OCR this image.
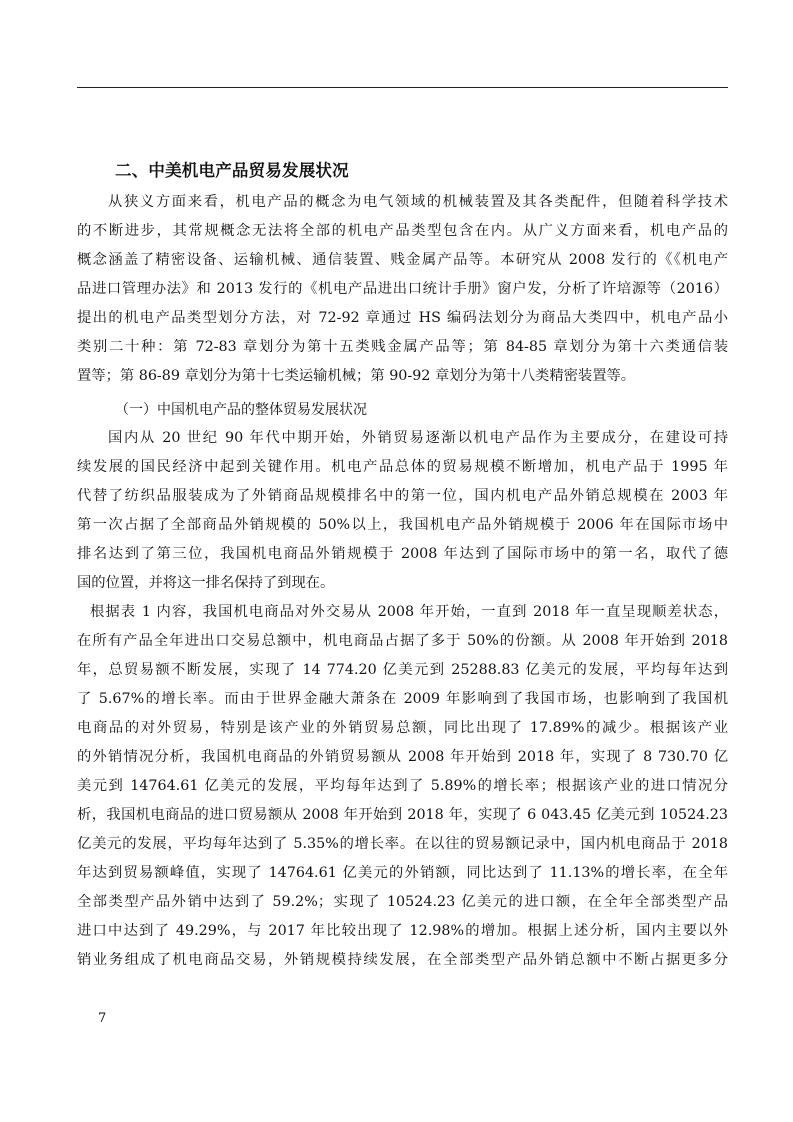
二、中美机电产品贸易发展状况
从狭义方面来看，机电产品的概念为电气领域的机械装置及其各类配件，但随着科学技术
的不断进步，其常规概念无法将全部的机电产品类型包含在内。从广义方面来看，机电产品的
概念涵盖了精密设备、运输机械、通信装置、贱金属产品等。本研究从 2008 发行的《《机电产
品进口管理办法》和 2013 发行的《机电产品进出口统计手册》窗户发，分析了许培源等（2016）
提出的机电产品类型划分方法，对 72-92 章通过 HS 编码法划分为商品大类四中，机电产品小
类别二十种：第 72-83 章划分为第十五类贱金属产品等；第 84-85 章划分为第十六类通信装
置等；第 86-89 章划分为第十七类运输机械；第 90-92 章划分为第十八类精密装置等。
（一）中国机电产品的整体贸易发展状况
国内从 20 世纪 90 年代中期开始，外销贸易逐渐以机电产品作为主要成分，在建设可持
续发展的国民经济中起到关键作用。机电产品总体的贸易规模不断增加，机电产品于 1995 年
代替了纺织品服装成为了外销商品规模排名中的第一位，国内机电产品外销总规模在 2003 年
第一次占据了全部商品外销规模的 50%以上，我国机电产品外销规模于 2006 年在国际市场中
排名达到了第三位，我国机电商品外销规模于 2008 年达到了国际市场中的第一名，取代了德
国的位置，并将这一排名保持了到现在。
根据表 1 内容，我国机电商品对外交易从 2008 年开始，一直到 2018 年一直呈现顺差状态，
在所有产品全年进出口交易总额中，机电商品占据了多于 50%的份额。从 2008 年开始到 2018
年，总贸易额不断发展，实现了 14 774.20 亿美元到 25288.83 亿美元的发展，平均每年达到
了 5.67%的增长率。而由于世界金融大萧条在 2009 年影响到了我国市场，也影响到了我国机
电商品的对外贸易，特别是该产业的外销贸易总额，同比出现了 17.89%的减少。根据该产业
的外销情况分析，我国机电商品的外销贸易额从 2008 年开始到 2018 年，实现了 8 730.70 亿
美元到 14764.61 亿美元的发展，平均每年达到了 5.89%的增长率；根据该产业的进口情况分
析，我国机电商品的进口贸易额从 2008 年开始到 2018 年，实现了 6 043.45 亿美元到 10524.23
亿美元的发展，平均每年达到了 5.35%的增长率。在以往的贸易额记录中，国内机电商品于 2018
年达到贸易额峰值，实现了 14764.61 亿美元的外销额，同比达到了 11.13%的增长率，在全年
全部类型产品外销中达到了 59.2%；实现了 10524.23 亿美元的进口额，在全年全部类型产品
进口中达到了 49.29%，与 2017 年比较出现了 12.98%的增加。根据上述分析，国内主要以外
销业务组成了机电商品交易，外销规模持续发展，在全部类型产品外销总额中不断占据更多分
7
